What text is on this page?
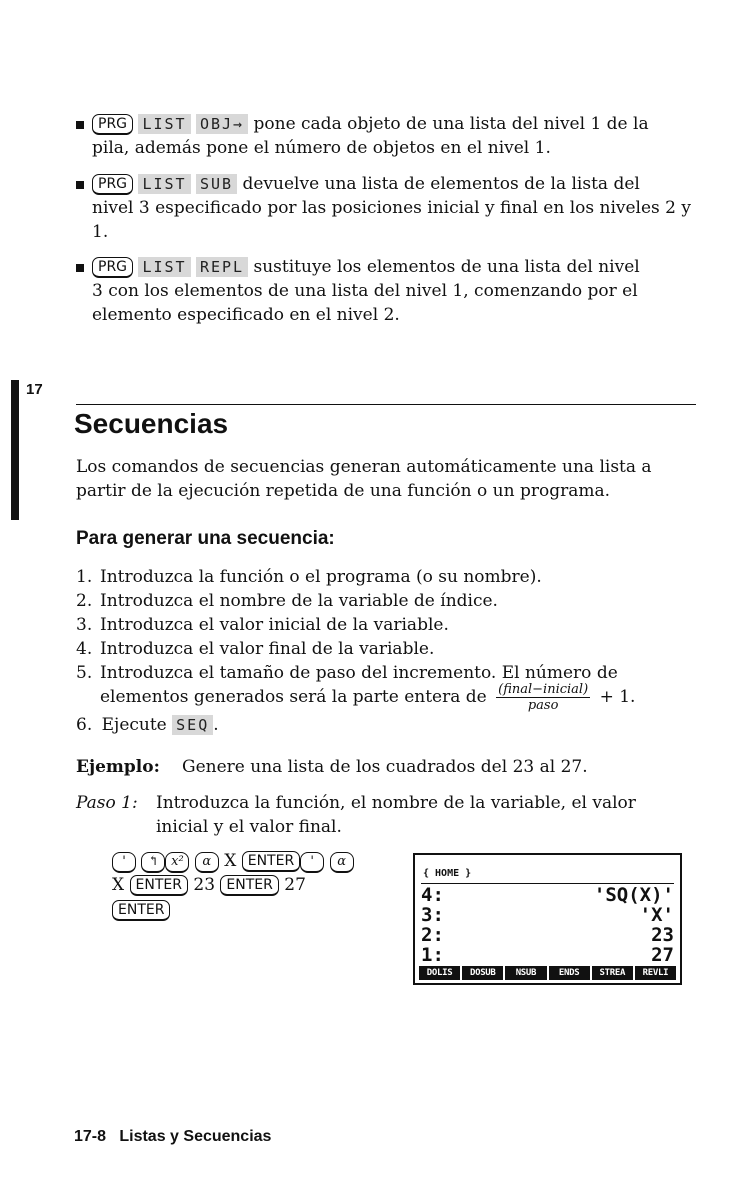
PRG LIST OBJ→ pone cada objeto de una lista del nivel 1 de la
pila, además pone el número de objetos en el nivel 1.
PRG LIST SUB devuelve una lista de elementos de la lista del
nivel 3 especificado por las posiciones inicial y final en los niveles 2 y 1.
PRG LIST REPL sustituye los elementos de una lista del nivel
3 con los elementos de una lista del nivel 1, comenzando por el elemento especificado en el nivel 2.
17
Secuencias
Los comandos de secuencias generan automáticamente una lista a partir de la ejecución repetida de una función o un programa.
Para generar una secuencia:
1. Introduzca la función o el programa (o su nombre).
2. Introduzca el nombre de la variable de índice.
3. Introduzca el valor inicial de la variable.
4. Introduzca el valor final de la variable.
5. Introduzca el tamaño de paso del incremento. El número de
elementos generados será la parte entera de $\frac{\text{(final−inicial)}}{\text{paso}} + 1$.
6. Ejecute SEQ .
Ejemplo: Genere una lista de los cuadrados del 23 al 27.
Paso 1: Introduzca la función, el nombre de la variable, el valor inicial y el valor final.
' ↰ x² α X ENTER ' α
X ENTER 23 ENTER 27
ENTER
{ HOME }
4:	'SQ(X)'
3:	'X'
2:	23
1:	27
DOLIS	DOSUB	NSUB	ENDS	STREA	REVLI
17-8   Listas y Secuencias
